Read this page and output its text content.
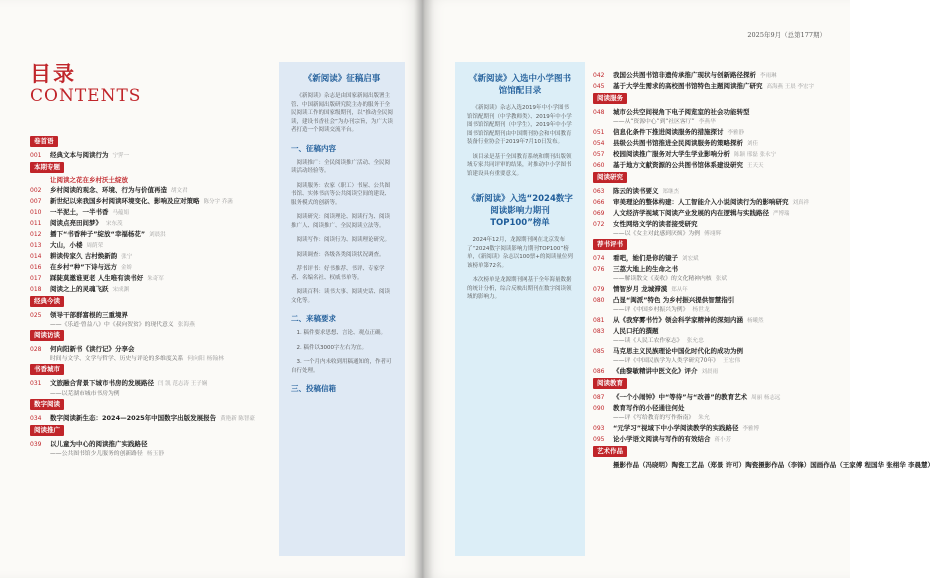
目录
CONTENTS
卷首语
001 经典文本与阅读行为 宁霁一
本期专题
让阅读之花在乡村沃土绽放
002 乡村阅读的观念、环境、行为与价值再造 胡文君
007 新世纪以来我国乡村阅读环境变化、影响及应对策略 陈分宇 乔菡
010 一半泥土，一半书香 马蕴娟
011 阅读点亮田间梦》 宋东茂
012 播下“书香种子”绽放“幸福杨花” 刘晨洪
013 大山，小楼 周荫荣
014 耕读传家久 古村焕新韵 张宁
016 在乡村“种”下诗与远方 金娇
017 踩陡莫邀谁更老 人生唯有读书好 朱奇军
018 阅读之上的灵魂飞跃 宋成渊
经典今读
025 领导干部群富根的三重境界
——《乐道·曾益八》中《叔向贺贫》的现代意义 张海燕
阅读访谈
028 何向阳新书《读行记》分享会
时间与文学、文学与哲学、历史与评论的多维度关系 何向阳 杨翰林
书香城市
031 文旅融合背景下城市书房的发展路径 闫 凯 范志涛 王子娴
——以芜湖市城市书房为例
数字阅读
034 数字阅读新生态：2024—2025年中国数字出版发展报告 黄艳新 陈智豪
阅读推广
039 以儿童为中心的阅读推广实践路径
——公共图书馆少儿服务的创新路径 杨玉静
《新阅读》征稿启事

《新阅读》杂志是由国家新闻出版署主管、中国新闻出版研究院主办的服务于全民阅读工作的国家级期刊，以“推动全民阅读，建设书香社会”为办刊宗旨，为广大读者打造一个阅读交流平台。

一、征稿内容

阅读推广：全民阅读推广活动、全民阅读活动经验等。

阅读服务：农家（职工）书屋、公共图书馆、实体书店等公共阅读空间的建设、服务模式的创新等。

阅读研究：阅读理论、阅读行为、阅读推广人、阅读推广、全民阅读立法等。

阅读写作：阅读行为、阅读理论研究。

阅读调查：各级各类阅读状况调查。

荐书评书：好书推荐、书评、专家学者、名编名社、权威书单等。

阅读百科：读书大事、阅读史话、阅读文化等。

二、来稿要求

1. 稿件要求思想、言论、观点正确。

2. 稿件以3000字左右为宜。

3. 一个月内未收到用稿通知的，作者可自行处理。

三、投稿信箱
2025年9月（总第177期）
《新阅读》入选中小学图书馆馆配目录

《新阅读》杂志入选2019年中小学图书馆馆配期刊（中学教师类）、2019年中小学图书馆馆配期刊（中学生），2019年中小学图书馆馆配期刊由中国期刊协会和中国教育装备行业协会于2019年7月10日发布。

该目录是基于全国教育系统和期刊出版领域专家共同评审的结果，对推动中小学图书馆建设具有重要意义。

《新阅读》入选“2024数字阅读影响力期刊TOP100”榜单

2024年12月，龙源期刊网在北京发布了“2024数字阅读影响力期刊TOP100”榜单，《新阅读》杂志以100票+的阅读量位列该榜单第72名。

本次榜单是龙源期刊网基于全年海量数据的统计分析，综合反映出期刊在数字阅读领域的影响力。

042 我国公共图书馆非遗传承推广现状与创新路径探析 李雨琳
045 基于大学生需求的高校图书馆特色主题阅读推广研究 高海燕 王晨 李宏宇
阅读服务
048 城市公共空间视角下电子阅览室的社会功能转型
——从“资源中心”到“社区客厅” 李燕华
051 信息化条件下推进阅读服务的措施探讨 李雅静
054 县级公共图书馆推进全民阅读服务的策略探析 刘佳
057 校园阅读推广服务对大学生学业影响分析 陈颖 邢磊 张永宁
060 基于地方文献资源的公共图书馆体系建设研究 王天天
阅读研究
063 陈云的读书要义 郑继杰
066 审美理论的整体构建：人工智能介入小说阅读行为的影响研究 刘真祥
069 人文经济学视域下阅读产业发展的内在逻辑与实践路径 严博瑞
072 女性网络文学的读者接受研究
——以《女主对此感到厌烦》为例 傅翊辉
荐书评书
074 看吧，她们是你的镜子 刘宏斌
076 三荔大地上的生命之书
——解读散文《麦收》的文化精神内核 张斌
079 情智岁月 龙城滞漠 郑从年
080 凸显“闽派”特色 为乡村振兴提供智慧指引
——评《中国乡村振兴为例》 杨世龙
081 从《我穿雾书竹》领会科学家精神的深刻内涵 杨曦然
083 人民口托的撰题
——读《人民工农作家志》 张允忠
085 马克思主义民族理论中国化时代化的成功为例
——评《中国民族学为人类学研究70年》 王宏伟
086 《曲黎敏精讲中医文化》评介 刘晨雨
阅读教育
087 《一个小闹钟》中“等待”与“改善”的教育艺术 周丽 杨志远
090 教育写作的小径通往何处
——评《写给教育的写作指南》 朱允
093 “元学习”视域下中小学阅读教学的实践路径 李雅博
095 论小学语文阅读与写作的有效结合 蒋小芳
艺术作品
摄影作品（冯晓明）陶瓷工艺品（郑景 许可）陶瓷摄影作品（李锋）国画作品（王家傅 程国华 张栩华 李晨慧）
